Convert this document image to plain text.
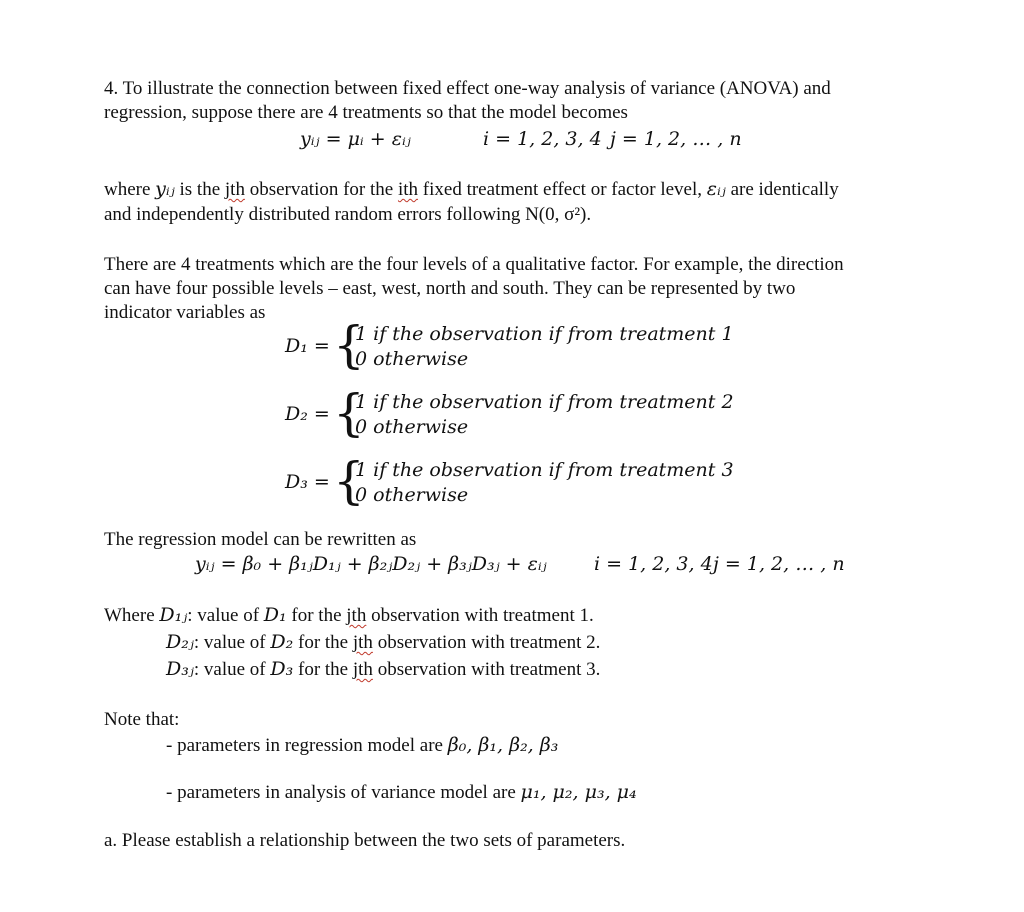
4. To illustrate the connection between fixed effect one-way analysis of variance (ANOVA) and
regression, suppose there are 4 treatments so that the model becomes
yᵢⱼ = μᵢ + εᵢⱼ	i = 1, 2, 3, 4 j = 1, 2, … , n
where yᵢⱼ is the jth observation for the ith fixed treatment effect or factor level, εᵢⱼ are identically
and independently distributed random errors following N(0, σ²).
There are 4 treatments which are the four levels of a qualitative factor. For example, the direction
can have four possible levels – east, west, north and south. They can be represented by two
indicator variables as
D₁ = {
1 if the observation if from treatment 1
0 otherwise
D₂ = {
1 if the observation if from treatment 2
0 otherwise
D₃ = {
1 if the observation if from treatment 3
0 otherwise
The regression model can be rewritten as
yᵢⱼ = β₀ + β₁ⱼD₁ⱼ + β₂ⱼD₂ⱼ + β₃ⱼD₃ⱼ + εᵢⱼ i = 1, 2, 3, 4 j = 1, 2, … , n
Where D₁ⱼ: value of D₁ for the jth observation with treatment 1.
D₂ⱼ: value of D₂ for the jth observation with treatment 2.
D₃ⱼ: value of D₃ for the jth observation with treatment 3.
Note that:
- parameters in regression model are β₀, β₁, β₂, β₃
- parameters in analysis of variance model are μ₁, μ₂, μ₃, μ₄
a. Please establish a relationship between the two sets of parameters.
